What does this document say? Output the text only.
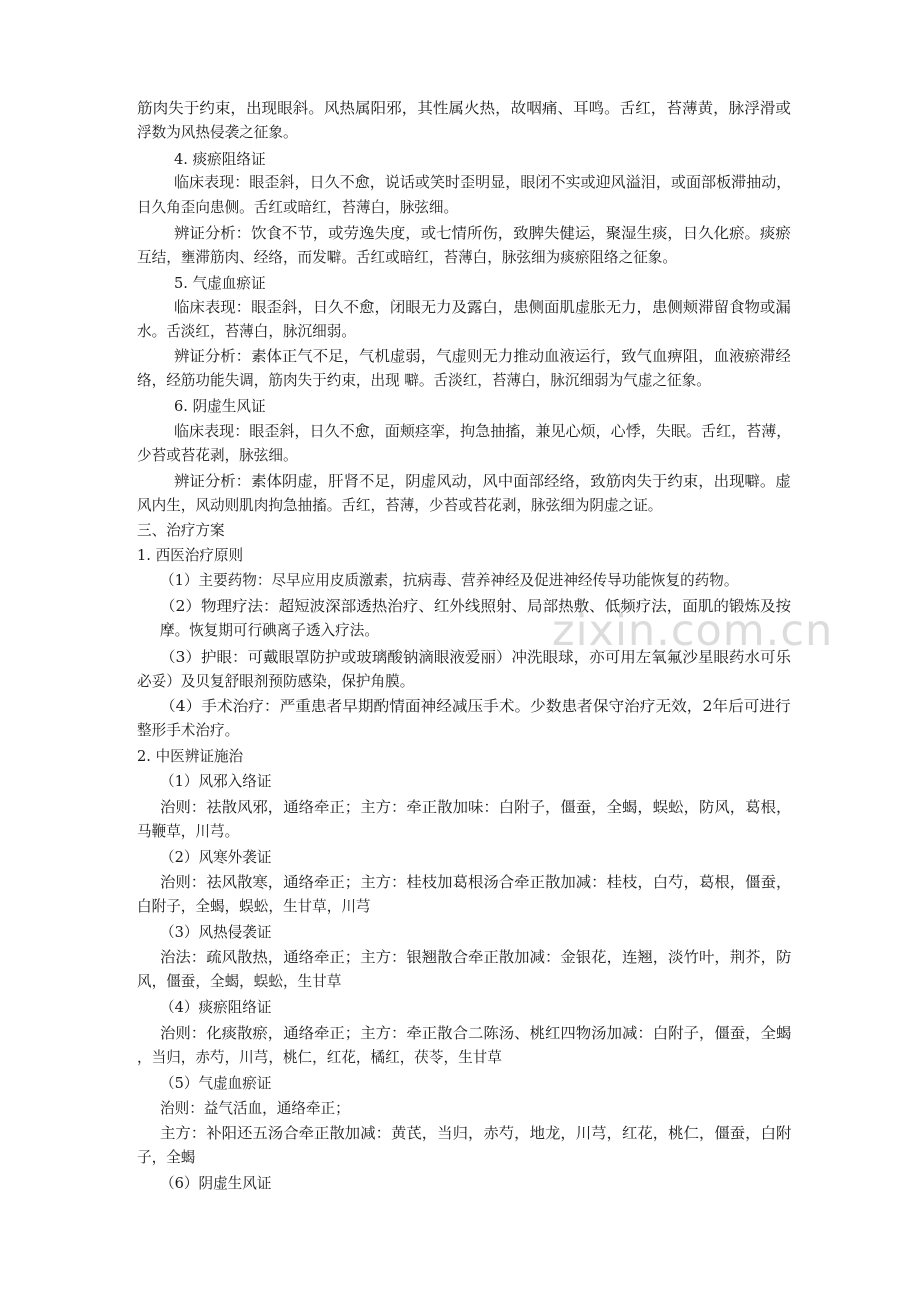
zixin.com.cn
筋肉失于约束，出现眼斜。风热属阳邪，其性属火热，故咽痛、耳鸣。舌红，苔薄黄，脉浮滑或
浮数为风热侵袭之征象。
4. 痰瘀阻络证
临床表现：眼歪斜，日久不愈，说话或笑时歪明显，眼闭不实或迎风溢泪，或面部板滞抽动，
日久角歪向患侧。舌红或暗红，苔薄白，脉弦细。
辨证分析：饮食不节，或劳逸失度，或七情所伤，致脾失健运，聚湿生痰，日久化瘀。痰瘀
互结，壅滞筋肉、经络，而发噼。舌红或暗红，苔薄白，脉弦细为痰瘀阻络之征象。
5. 气虚血瘀证
临床表现：眼歪斜，日久不愈，闭眼无力及露白，患侧面肌虚胀无力，患侧颊滞留食物或漏
水。舌淡红，苔薄白，脉沉细弱。
辨证分析：素体正气不足，气机虚弱，气虚则无力推动血液运行，致气血痹阻，血液瘀滞经
络，经筋功能失调，筋肉失于约束，出现 噼。舌淡红，苔薄白，脉沉细弱为气虚之征象。
6. 阴虚生风证
临床表现：眼歪斜，日久不愈，面颊痉挛，拘急抽搐，兼见心烦，心悸，失眠。舌红，苔薄，
少苔或苔花剥，脉弦细。
辨证分析：素体阴虚，肝肾不足，阴虚风动，风中面部经络，致筋肉失于约束，出现噼。虚
风内生，风动则肌肉拘急抽搐。舌红，苔薄，少苔或苔花剥，脉弦细为阴虚之证。
三、治疗方案
1. 西医治疗原则
（1）主要药物：尽早应用皮质激素，抗病毒、营养神经及促进神经传导功能恢复的药物。
（2）物理疗法：超短波深部透热治疗、红外线照射、局部热敷、低频疗法，面肌的锻炼及按
摩。恢复期可行碘离子透入疗法。
（3）护眼：可戴眼罩防护或玻璃酸钠滴眼液爱丽）冲洗眼球，亦可用左氧氟沙星眼药水可乐
必妥）及贝复舒眼剂预防感染，保护角膜。
（4）手术治疗：严重患者早期酌情面神经减压手术。少数患者保守治疗无效，2年后可进行
整形手术治疗。
2. 中医辨证施治
（1）风邪入络证
治则：祛散风邪，通络牵正；主方：牵正散加味：白附子，僵蚕，全蝎，蜈蚣，防风，葛根，
马鞭草，川芎。
（2）风寒外袭证
治则：祛风散寒，通络牵正；主方：桂枝加葛根汤合牵正散加减：桂枝，白芍，葛根，僵蚕，
白附子，全蝎，蜈蚣，生甘草，川芎
（3）风热侵袭证
治法：疏风散热，通络牵正；主方：银翘散合牵正散加减：金银花，连翘，淡竹叶，荆芥，防
风，僵蚕，全蝎，蜈蚣，生甘草
（4）痰瘀阻络证
治则：化痰散瘀，通络牵正；主方：牵正散合二陈汤、桃红四物汤加减：白附子，僵蚕，全蝎
，当归，赤芍，川芎，桃仁，红花，橘红，茯苓，生甘草
（5）气虚血瘀证
治则：益气活血，通络牵正；
主方：补阳还五汤合牵正散加减：黄芪，当归，赤芍，地龙，川芎，红花，桃仁，僵蚕，白附
子，全蝎
（6）阴虚生风证
